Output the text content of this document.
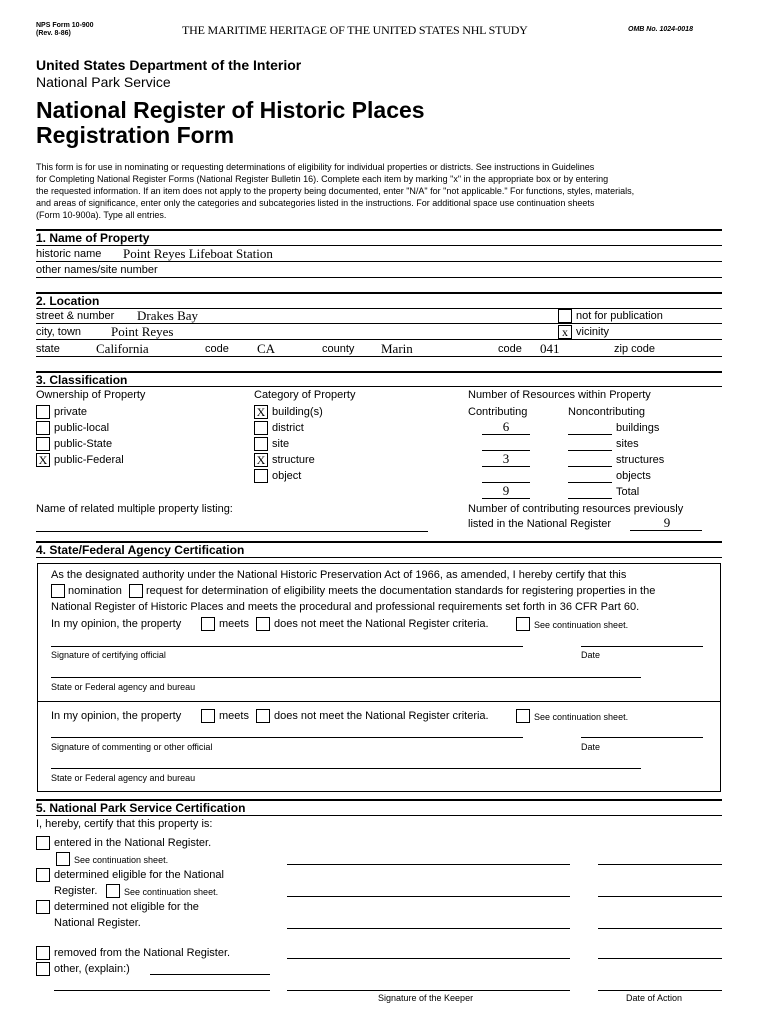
NPS Form 10-900
(Rev. 8-86)	THE MARITIME HERITAGE OF THE UNITED STATES NHL STUDY	OMB No. 1024-0018
United States Department of the Interior
National Park Service
National Register of Historic Places
Registration Form
This form is for use in nominating or requesting determinations of eligibility for individual properties or districts. See instructions in Guidelines
for Completing National Register Forms (National Register Bulletin 16). Complete each item by marking "x" in the appropriate box or by entering
the requested information. If an item does not apply to the property being documented, enter "N/A" for "not applicable." For functions, styles, materials,
and areas of significance, enter only the categories and subcategories listed in the instructions. For additional space use continuation sheets
(Form 10-900a). Type all entries.
1. Name of Property
historic name Point Reyes Lifeboat Station
other names/site number
2. Location
street & number Drakes Bay	not for publication
city, town Point Reyes	x vicinity
state	California	code CA	county Marin	code 041	zip code
3. Classification
Ownership of Property
private
public-local
public-State
X public-Federal
Category of Property
X building(s)
district
site
X structure
object
Number of Resources within Property
Contributing	Noncontributing
6	buildings
sites
3	structures
objects
9	Total
Name of related multiple property listing:	Number of contributing resources previously
listed in the National Register	9
4. State/Federal Agency Certification
As the designated authority under the National Historic Preservation Act of 1966, as amended, I hereby certify that this
nomination request for determination of eligibility meets the documentation standards for registering properties in the
National Register of Historic Places and meets the procedural and professional requirements set forth in 36 CFR Part 60.
In my opinion, the property	meets does not meet the National Register criteria.	See continuation sheet.
Signature of certifying official	Date
State or Federal agency and bureau
In my opinion, the property	meets does not meet the National Register criteria.	See continuation sheet.
Signature of commenting or other official	Date
State or Federal agency and bureau
5. National Park Service Certification
I, hereby, certify that this property is:
entered in the National Register.
See continuation sheet.
determined eligible for the National
Register.	See continuation sheet.
determined not eligible for the
National Register.
removed from the National Register.
other, (explain:)
Signature of the Keeper	Date of Action
